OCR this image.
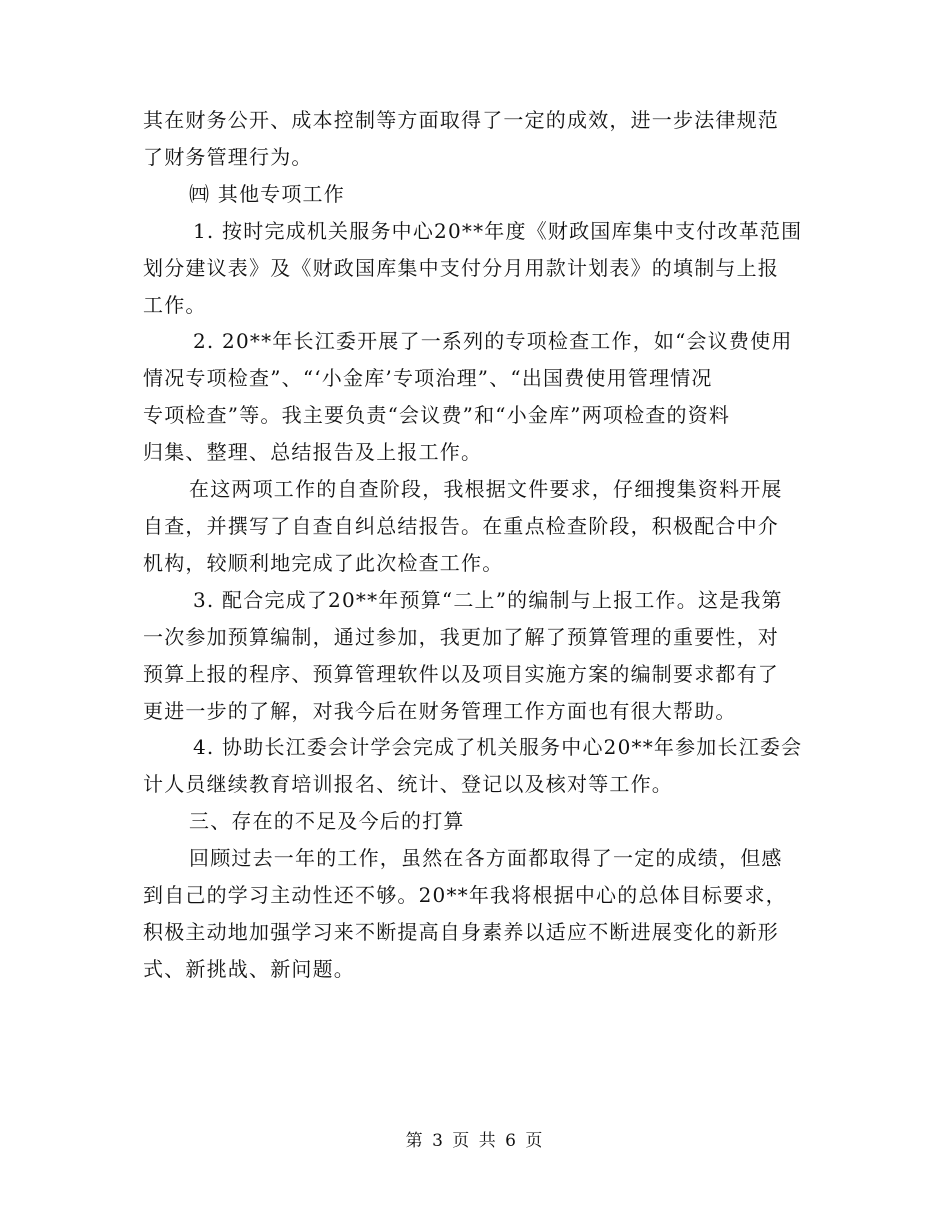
其在财务公开、成本控制等方面取得了一定的成效，进一步法律规范
了财务管理行为。
㈣ 其他专项工作
1. 按时完成机关服务中心20**年度《财政国库集中支付改革范围
划分建议表》及《财政国库集中支付分月用款计划表》的填制与上报
工作。
2. 20**年长江委开展了一系列的专项检查工作，如“会议费使用
情况专项检查”、“‘小金库’专项治理”、“出国费使用管理情况
专项检查”等。我主要负责“会议费”和“小金库”两项检查的资料
归集、整理、总结报告及上报工作。
在这两项工作的自查阶段，我根据文件要求，仔细搜集资料开展
自查，并撰写了自查自纠总结报告。在重点检查阶段，积极配合中介
机构，较顺利地完成了此次检查工作。
3. 配合完成了20**年预算“二上”的编制与上报工作。这是我第
一次参加预算编制，通过参加，我更加了解了预算管理的重要性，对
预算上报的程序、预算管理软件以及项目实施方案的编制要求都有了
更进一步的了解，对我今后在财务管理工作方面也有很大帮助。
4. 协助长江委会计学会完成了机关服务中心20**年参加长江委会
计人员继续教育培训报名、统计、登记以及核对等工作。
三、存在的不足及今后的打算
回顾过去一年的工作，虽然在各方面都取得了一定的成绩，但感
到自己的学习主动性还不够。20**年我将根据中心的总体目标要求，
积极主动地加强学习来不断提高自身素养以适应不断进展变化的新形
式、新挑战、新问题。
第 3 页 共 6 页
